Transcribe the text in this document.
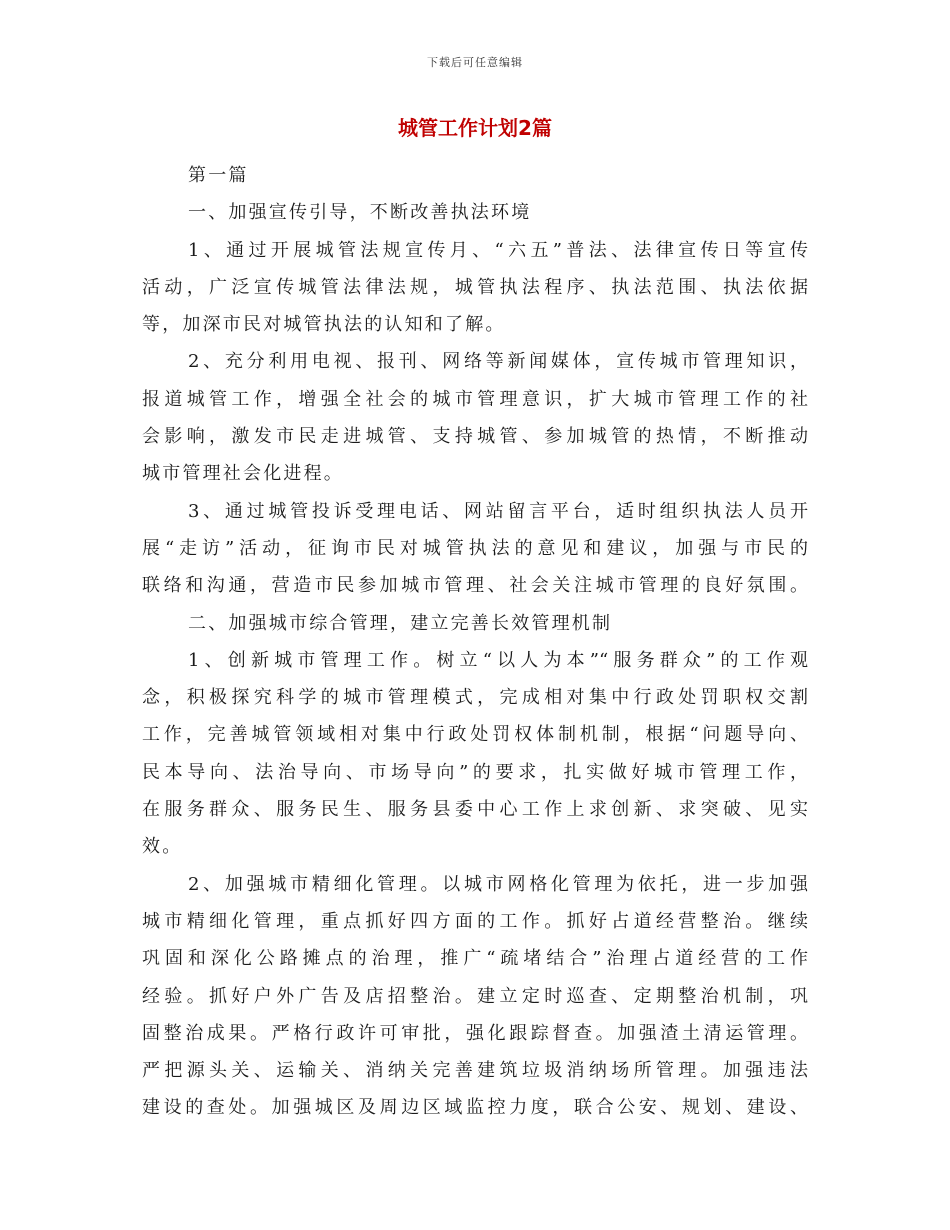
下载后可任意编辑
城管工作计划2篇
第一篇
一、加强宣传引导，不断改善执法环境
1、通过开展城管法规宣传月、“六五”普法、法律宣传日等宣传
活动，广泛宣传城管法律法规，城管执法程序、执法范围、执法依据
等，加深市民对城管执法的认知和了解。
2、充分利用电视、报刊、网络等新闻媒体，宣传城市管理知识，
报道城管工作，增强全社会的城市管理意识，扩大城市管理工作的社
会影响，激发市民走进城管、支持城管、参加城管的热情，不断推动
城市管理社会化进程。
3、通过城管投诉受理电话、网站留言平台，适时组织执法人员开
展“走访”活动，征询市民对城管执法的意见和建议，加强与市民的
联络和沟通，营造市民参加城市管理、社会关注城市管理的良好氛围。
二、加强城市综合管理，建立完善长效管理机制
1、创新城市管理工作。树立“以人为本”“服务群众”的工作观
念，积极探究科学的城市管理模式，完成相对集中行政处罚职权交割
工作，完善城管领域相对集中行政处罚权体制机制，根据“问题导向、
民本导向、法治导向、市场导向”的要求，扎实做好城市管理工作，
在服务群众、服务民生、服务县委中心工作上求创新、求突破、见实
效。
2、加强城市精细化管理。以城市网格化管理为依托，进一步加强
城市精细化管理，重点抓好四方面的工作。抓好占道经营整治。继续
巩固和深化公路摊点的治理，推广“疏堵结合”治理占道经营的工作
经验。抓好户外广告及店招整治。建立定时巡查、定期整治机制，巩
固整治成果。严格行政许可审批，强化跟踪督查。加强渣土清运管理。
严把源头关、运输关、消纳关完善建筑垃圾消纳场所管理。加强违法
建设的查处。加强城区及周边区域监控力度，联合公安、规划、建设、
